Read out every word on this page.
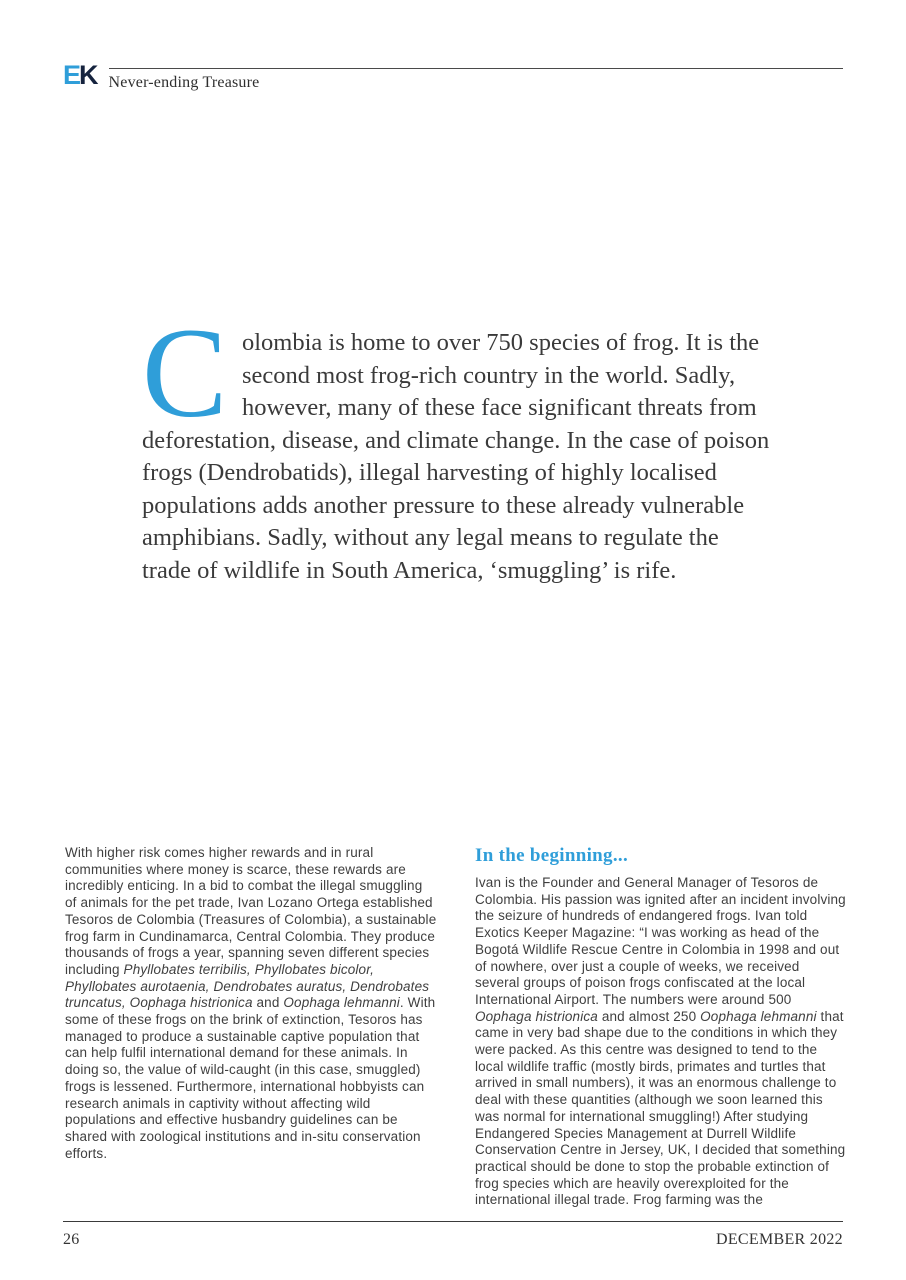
EK Never-ending Treasure
Colombia is home to over 750 species of frog. It is the second most frog-rich country in the world. Sadly, however, many of these face significant threats from deforestation, disease, and climate change. In the case of poison frogs (Dendrobatids), illegal harvesting of highly localised populations adds another pressure to these already vulnerable amphibians. Sadly, without any legal means to regulate the trade of wildlife in South America, ‘smuggling’ is rife.

With higher risk comes higher rewards and in rural communities where money is scarce, these rewards are incredibly enticing. In a bid to combat the illegal smuggling of animals for the pet trade, Ivan Lozano Ortega established Tesoros de Colombia (Treasures of Colombia), a sustainable frog farm in Cundinamarca, Central Colombia. They produce thousands of frogs a year, spanning seven different species including Phyllobates terribilis, Phyllobates bicolor, Phyllobates aurotaenia, Dendrobates auratus, Dendrobates truncatus, Oophaga histrionica and Oophaga lehmanni. With some of these frogs on the brink of extinction, Tesoros has managed to produce a sustainable captive population that can help fulfil international demand for these animals. In doing so, the value of wild-caught (in this case, smuggled) frogs is lessened. Furthermore, international hobbyists can research animals in captivity without affecting wild populations and effective husbandry guidelines can be shared with zoological institutions and in-situ conservation efforts.

In the beginning...

Ivan is the Founder and General Manager of Tesoros de Colombia. His passion was ignited after an incident involving the seizure of hundreds of endangered frogs. Ivan told Exotics Keeper Magazine: “I was working as head of the Bogotá Wildlife Rescue Centre in Colombia in 1998 and out of nowhere, over just a couple of weeks, we received several groups of poison frogs confiscated at the local International Airport. The numbers were around 500 Oophaga histrionica and almost 250 Oophaga lehmanni that came in very bad shape due to the conditions in which they were packed. As this centre was designed to tend to the local wildlife traffic (mostly birds, primates and turtles that arrived in small numbers), it was an enormous challenge to deal with these quantities (although we soon learned this was normal for international smuggling!) After studying Endangered Species Management at Durrell Wildlife Conservation Centre in Jersey, UK, I decided that something practical should be done to stop the probable extinction of frog species which are heavily overexploited for the international illegal trade. Frog farming was the

26	DECEMBER 2022
